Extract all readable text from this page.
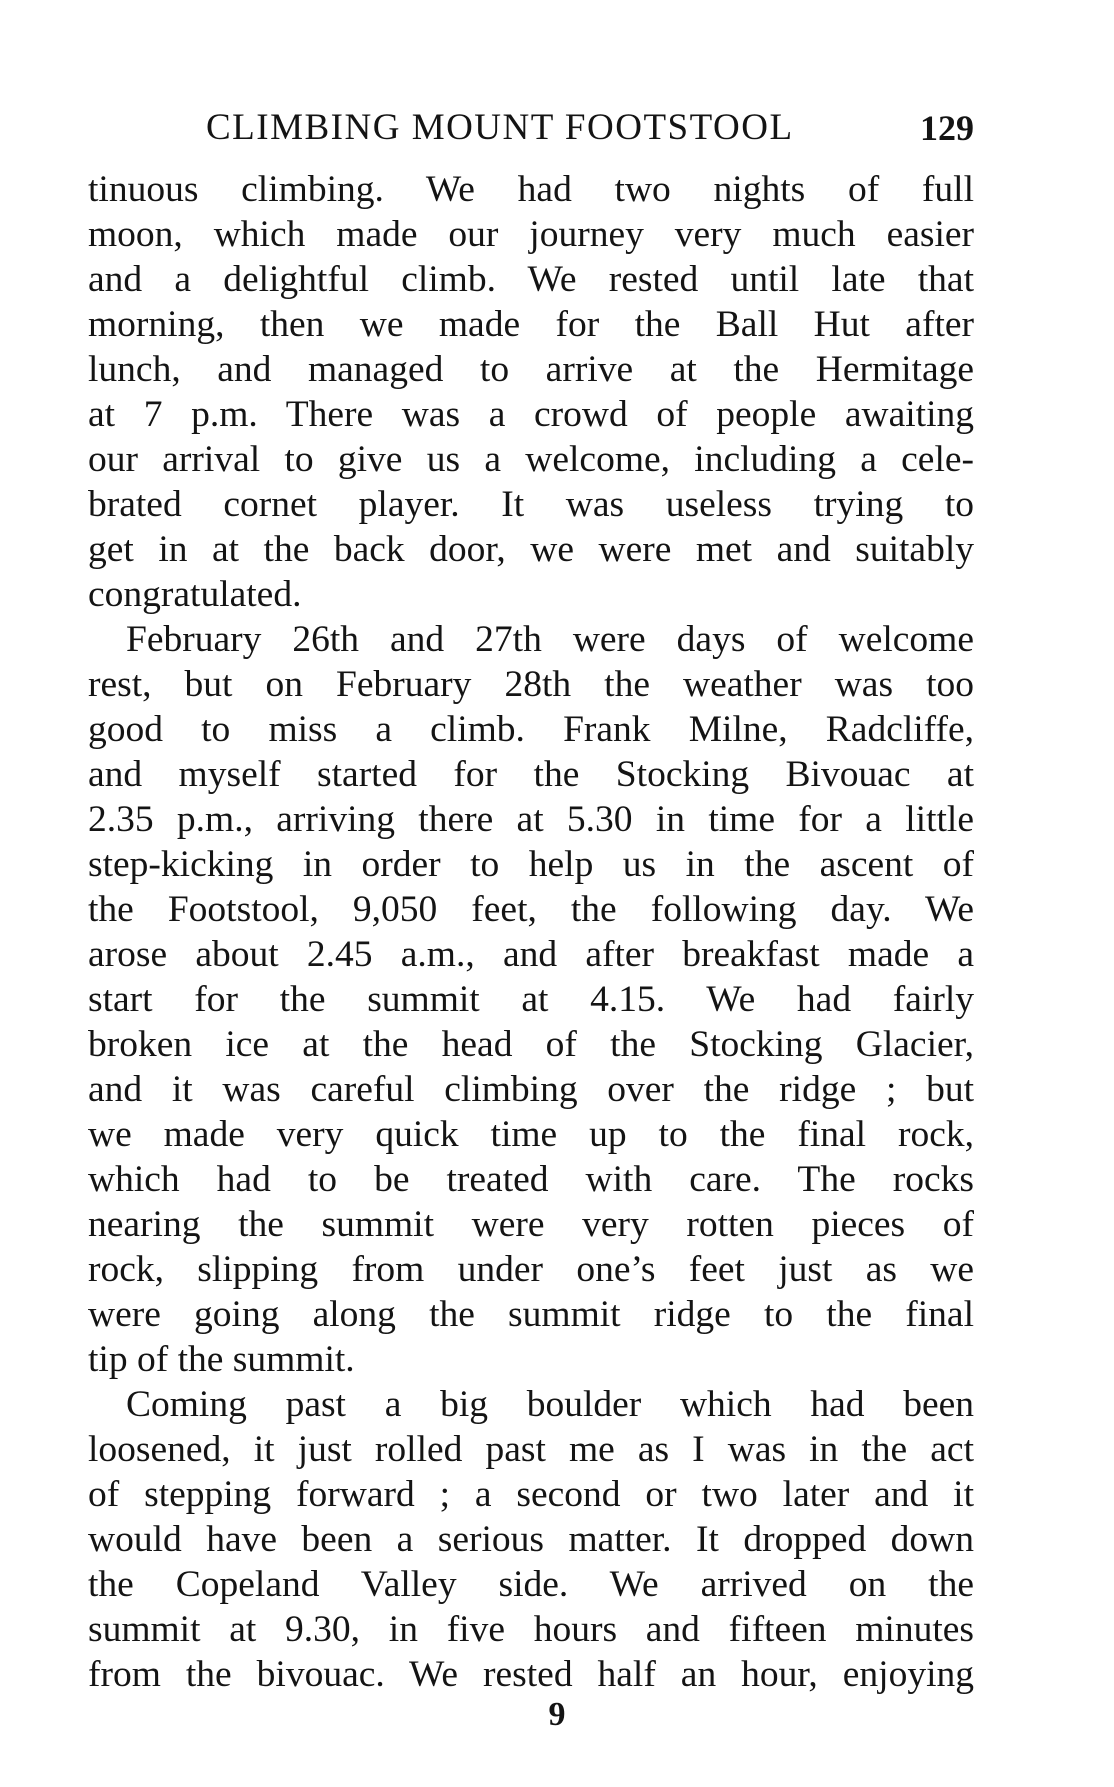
CLIMBING MOUNT FOOTSTOOL	129
tinuous climbing. We had two nights of full
moon, which made our journey very much easier
and a delightful climb. We rested until late that
morning, then we made for the Ball Hut after
lunch, and managed to arrive at the Hermitage
at 7 p.m. There was a crowd of people awaiting
our arrival to give us a welcome, including a cele-
brated cornet player. It was useless trying to
get in at the back door, we were met and suitably
congratulated.
February 26th and 27th were days of welcome
rest, but on February 28th the weather was too
good to miss a climb. Frank Milne, Radcliffe,
and myself started for the Stocking Bivouac at
2.35 p.m., arriving there at 5.30 in time for a little
step-kicking in order to help us in the ascent of
the Footstool, 9,050 feet, the following day. We
arose about 2.45 a.m., and after breakfast made a
start for the summit at 4.15. We had fairly
broken ice at the head of the Stocking Glacier,
and it was careful climbing over the ridge ; but
we made very quick time up to the final rock,
which had to be treated with care. The rocks
nearing the summit were very rotten pieces of
rock, slipping from under one’s feet just as we
were going along the summit ridge to the final
tip of the summit.
Coming past a big boulder which had been
loosened, it just rolled past me as I was in the act
of stepping forward ; a second or two later and it
would have been a serious matter. It dropped down
the Copeland Valley side. We arrived on the
summit at 9.30, in five hours and fifteen minutes
from the bivouac. We rested half an hour, enjoying
9
